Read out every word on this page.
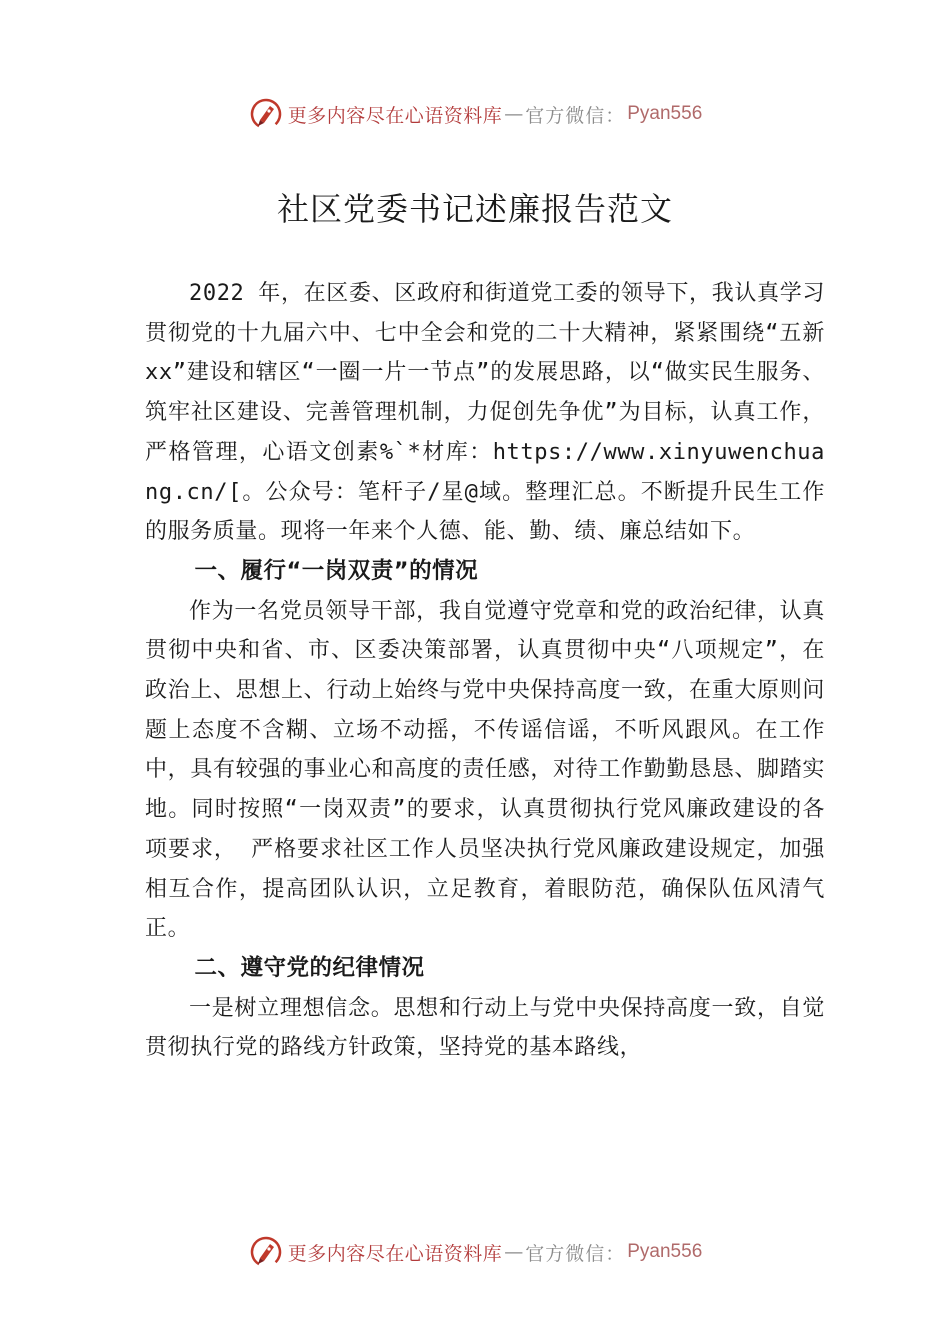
更多内容尽在心语资料库 — 官方微信： Pyan556
社区党委书记述廉报告范文

2022 年，在区委、区政府和街道党工委的领导下，我认真学习贯彻党的十九届六中、七中全会和党的二十大精神，紧紧围绕“五新 xx”建设和辖区“一圈一片一节点”的发展思路，以“做实民生服务、筑牢社区建设、完善管理机制，力促创先争优”为目标，认真工作，严格管理，心语文创素%`*材库：https://www.xinyuwenchuang.cn/[。公众号：笔杆子/星@域。整理汇总。不断提升民生工作的服务质量。现将一年来个人德、能、勤、绩、廉总结如下。

一、履行“一岗双责”的情况

作为一名党员领导干部，我自觉遵守党章和党的政治纪律，认真贯彻中央和省、市、区委决策部署，认真贯彻中央“八项规定”，在政治上、思想上、行动上始终与党中央保持高度一致，在重大原则问题上态度不含糊、立场不动摇，不传谣信谣，不听风跟风。在工作中，具有较强的事业心和高度的责任感，对待工作勤勤恳恳、脚踏实地。同时按照“一岗双责”的要求，认真贯彻执行党风廉政建设的各项要求， 严格要求社区工作人员坚决执行党风廉政建设规定，加强相互合作，提高团队认识，立足教育，着眼防范，确保队伍风清气正。

二、遵守党的纪律情况

一是树立理想信念。思想和行动上与党中央保持高度一致，自觉贯彻执行党的路线方针政策，坚持党的基本路线，

更多内容尽在心语资料库 — 官方微信： Pyan556
